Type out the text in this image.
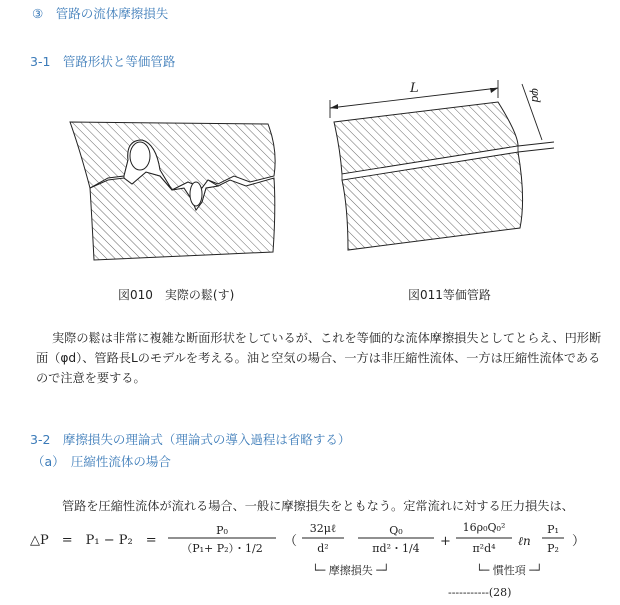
③　管路の流体摩擦損失
3-1　管路形状と等価管路
図010　実際の鬆(す)
L	φd
図011等価管路
実際の鬆は非常に複雑な断面形状をしているが、これを等価的な流体摩擦損失としてとらえ、円形断面（φd）、管路長Lのモデルを考える。油と空気の場合、一方は非圧縮性流体、一方は圧縮性流体であるので注意を要する。
3-2　摩擦損失の理論式（理論式の導入過程は省略する）
（a）　圧縮性流体の場合
管路を圧縮性流体が流れる場合、一般に摩擦損失をともなう。定常流れに対する圧力損失は、
△P　=　P₁ − P₂　=
P₀
（P₁+ P₂）・1/2 （
32μℓ
d²
Q₀
πd²・1/4 +
16ρ₀Q₀²
π²d⁴
ℓn
P₁
P₂ ）
└─ 摩擦損失 ─┘	└─ 慣性項 ─┘
-----------(28)
